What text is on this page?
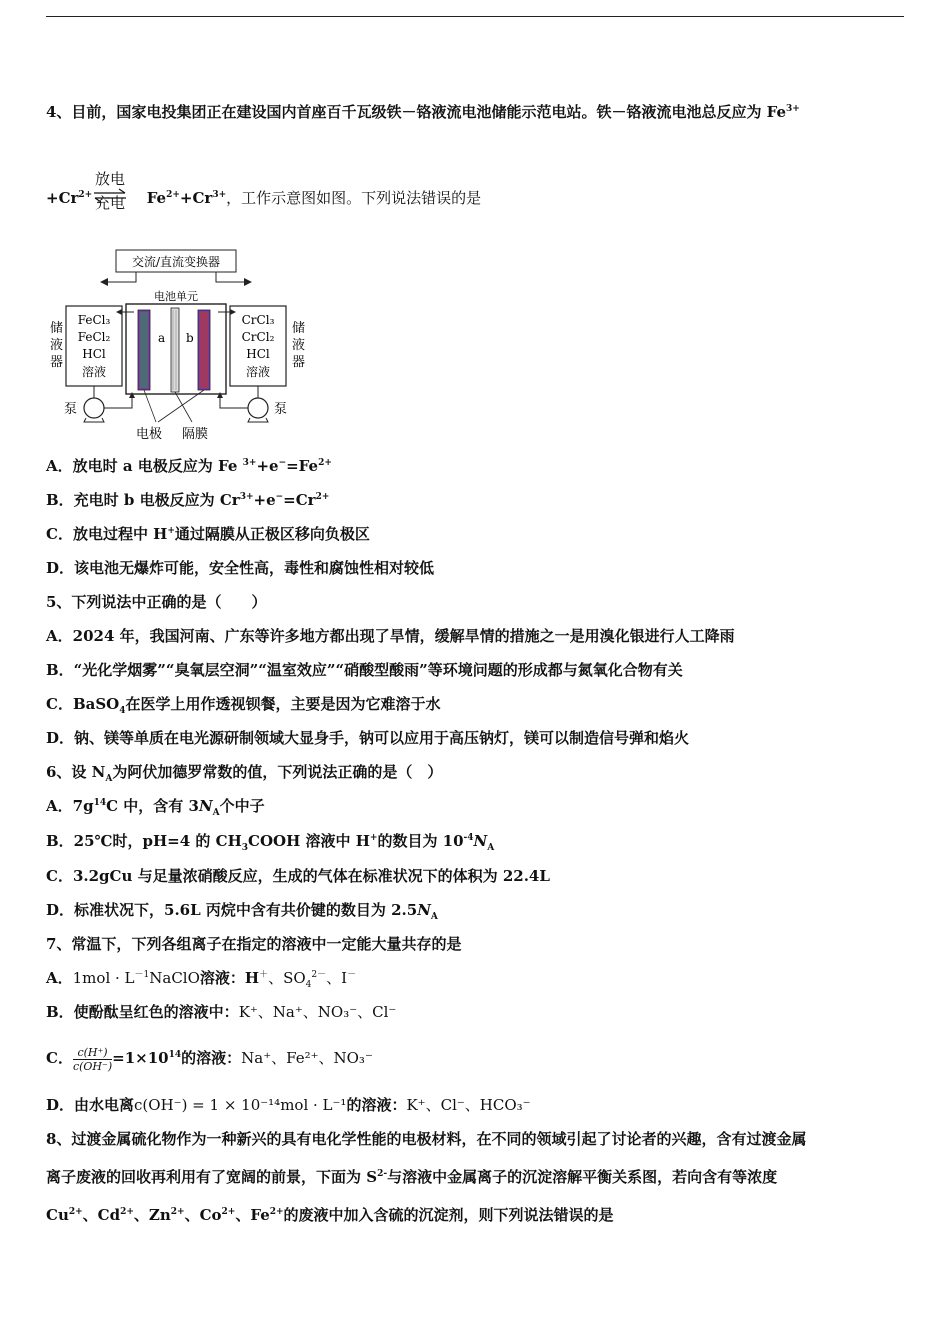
4、目前，国家电投集团正在建设国内首座百千瓦级铁－铬液流电池储能示范电站。铁－铬液流电池总反应为 $Fe^{3+}$
$+Cr^{2+}$	$Fe^{2+}+Cr^{3+}$，工作示意图如图。下列说法错误的是
放电
充电
交流/直流变换器
电池单元
a b
FeCl₃
FeCl₂
HCl
溶液
CrCl₃
CrCl₂
HCl
溶液
储
液
器
储
液
器
泵	泵
电极 隔膜
A．放电时 a 电极反应为 Fe $^{3+}+e^-=Fe^{2+}$
B．充电时 b 电极反应为 $Cr^{3+}+e^-=Cr^{2+}$
C．放电过程中 H+通过隔膜从正极区移向负极区
D．该电池无爆炸可能，安全性高，毒性和腐蚀性相对较低
5、下列说法中正确的是（　　）
A．2024 年，我国河南、广东等许多地方都出现了旱情，缓解旱情的措施之一是用溴化银进行人工降雨
B．“光化学烟雾”“臭氧层空洞”“温室效应”“硝酸型酸雨”等环境问题的形成都与氮氧化合物有关
C．BaSO$_4$在医学上用作透视钡餐，主要是因为它难溶于水
D．钠、镁等单质在电光源研制领域大显身手，钠可以应用于高压钠灯，镁可以制造信号弹和焰火
6、设 $N_A$为阿伏加德罗常数的值，下列说法正确的是（　）
A．$7g^{14}C$ 中，含有 $3N_A$个中子
B．25℃时，pH=4 的 $CH_3COOH$ 溶液中 H+的数目为 $10^{-4}N_A$
C．3.2gCu 与足量浓硝酸反应，生成的气体在标准状况下的体积为 22.4L
D．标准状况下，5.6L 丙烷中含有共价键的数目为 $2.5N_A$
7、常温下，下列各组离子在指定的溶液中一定能大量共存的是
A．$1mol \cdot L^{-1}NaClO$溶液：H＋、$SO_4^{2-}$、I－
B．使酚酞呈红色的溶液中：K⁺、Na⁺、NO₃⁻、Cl⁻
C． $\frac{c(H^+)}{c(OH^-)} =1\times 10^{14}$的溶液：Na⁺、Fe²⁺、NO₃⁻
D．由水电离c(OH⁻) = 1 × 10⁻¹⁴mol · L⁻¹的溶液：K⁺、Cl⁻、HCO₃⁻
8、过渡金属硫化物作为一种新兴的具有电化学性能的电极材料，在不同的领域引起了讨论者的兴趣，含有过渡金属
离子废液的回收再利用有了宽阔的前景，下面为 $S^{2-}$与溶液中金属离子的沉淀溶解平衡关系图，若向含有等浓度
$Cu^{2+}$、$Cd^{2+}$、$Zn^{2+}$、$Co^{2+}$、$Fe^{2+}$的废液中加入含硫的沉淀剂，则下列说法错误的是
